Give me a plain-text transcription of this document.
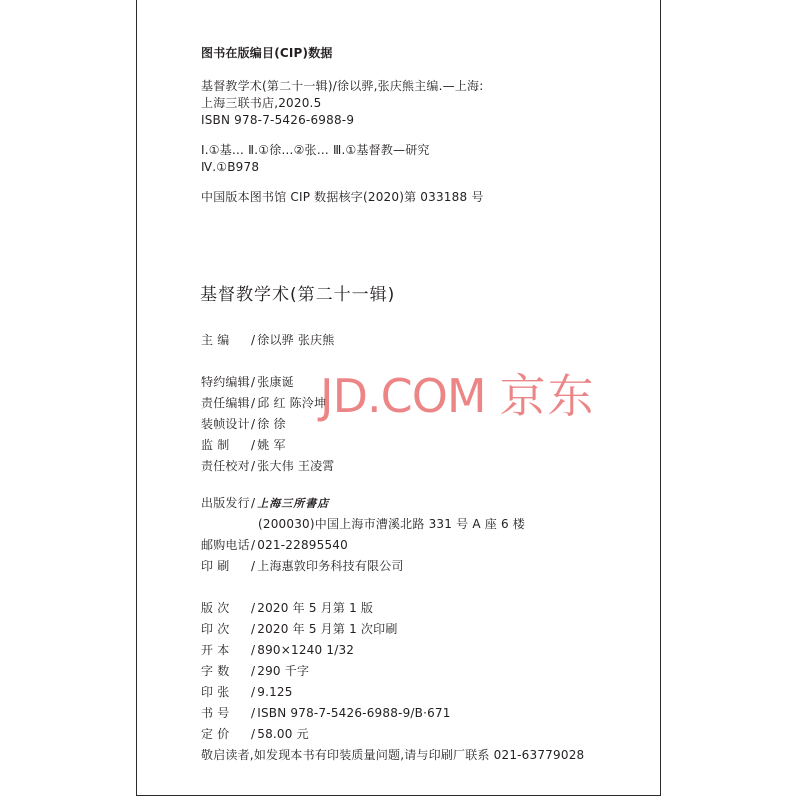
图书在版编目(CIP)数据
基督教学术(第二十一辑)/徐以骅,张庆熊主编.—上海:
上海三联书店,2020.5
ISBN 978-7-5426-6988-9
Ⅰ.①基… Ⅱ.①徐…②张… Ⅲ.①基督教—研究
Ⅳ.①B978
中国版本图书馆 CIP 数据核字(2020)第 033188 号
基督教学术(第二十一辑)
主 编 / 徐以骅 张庆熊
特约编辑/ 张康诞
责任编辑/ 邱 红 陈泠坤
装帧设计/ 徐 徐
监 制 / 姚 军
责任校对/ 张大伟 王凌霄
出版发行/ 上海三所書店
(200030)中国上海市漕溪北路 331 号 A 座 6 楼
邮购电话/ 021-22895540
印 刷 / 上海惠敦印务科技有限公司
版 次 / 2020 年 5 月第 1 版
印 次 / 2020 年 5 月第 1 次印刷
开 本 / 890×1240 1/32
字 数 / 290 千字
印 张 / 9.125
书 号 / ISBN 978-7-5426-6988-9/B·671
定 价 / 58.00 元
敬启读者,如发现本书有印装质量问题,请与印刷厂联系 021-63779028
JD.COM 京东
